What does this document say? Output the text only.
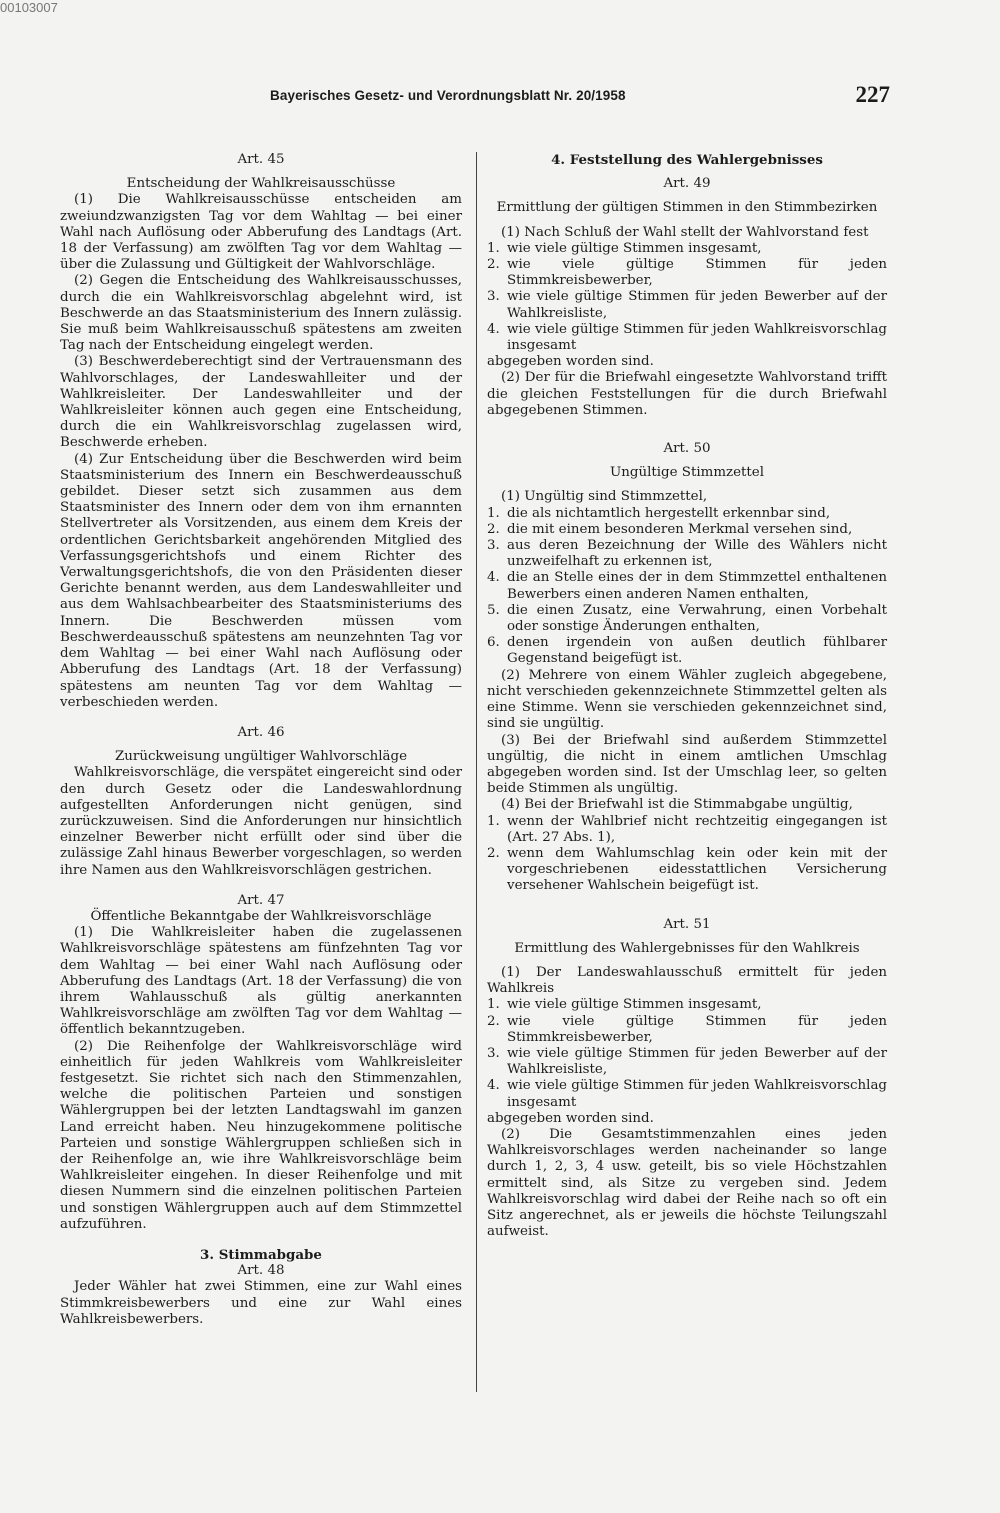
00103007
Bayerisches Gesetz- und Verordnungsblatt Nr. 20/1958	227
Art. 45
Entscheidung der Wahlkreisausschüsse

(1) Die Wahlkreisausschüsse entscheiden am zweiundzwanzigsten Tag vor dem Wahltag — bei einer Wahl nach Auflösung oder Abberufung des Landtags (Art. 18 der Verfassung) am zwölften Tag vor dem Wahltag — über die Zulassung und Gültigkeit der Wahlvorschläge.

(2) Gegen die Entscheidung des Wahlkreisausschusses, durch die ein Wahlkreisvorschlag abgelehnt wird, ist Beschwerde an das Staatsministerium des Innern zulässig. Sie muß beim Wahlkreisausschuß spätestens am zweiten Tag nach der Entscheidung eingelegt werden.

(3) Beschwerdeberechtigt sind der Vertrauensmann des Wahlvorschlages, der Landeswahlleiter und der Wahlkreisleiter. Der Landeswahlleiter und der Wahlkreisleiter können auch gegen eine Entscheidung, durch die ein Wahlkreisvorschlag zugelassen wird, Beschwerde erheben.

(4) Zur Entscheidung über die Beschwerden wird beim Staatsministerium des Innern ein Beschwerdeausschuß gebildet. Dieser setzt sich zusammen aus dem Staatsminister des Innern oder dem von ihm ernannten Stellvertreter als Vorsitzenden, aus einem dem Kreis der ordentlichen Gerichtsbarkeit angehörenden Mitglied des Verfassungsgerichtshofs und einem Richter des Verwaltungsgerichtshofs, die von den Präsidenten dieser Gerichte benannt werden, aus dem Landeswahlleiter und aus dem Wahlsachbearbeiter des Staatsministeriums des Innern. Die Beschwerden müssen vom Beschwerdeausschuß spätestens am neunzehnten Tag vor dem Wahltag — bei einer Wahl nach Auflösung oder Abberufung des Landtags (Art. 18 der Verfassung) spätestens am neunten Tag vor dem Wahltag — verbeschieden werden.

Art. 46
Zurückweisung ungültiger Wahlvorschläge

Wahlkreisvorschläge, die verspätet eingereicht sind oder den durch Gesetz oder die Landeswahlordnung aufgestellten Anforderungen nicht genügen, sind zurückzuweisen. Sind die Anforderungen nur hinsichtlich einzelner Bewerber nicht erfüllt oder sind über die zulässige Zahl hinaus Bewerber vorgeschlagen, so werden ihre Namen aus den Wahlkreisvorschlägen gestrichen.

Art. 47
Öffentliche Bekanntgabe der Wahlkreisvorschläge

(1) Die Wahlkreisleiter haben die zugelassenen Wahlkreisvorschläge spätestens am fünfzehnten Tag vor dem Wahltag — bei einer Wahl nach Auflösung oder Abberufung des Landtags (Art. 18 der Verfassung) die von ihrem Wahlausschuß als gültig anerkannten Wahlkreisvorschläge am zwölften Tag vor dem Wahltag — öffentlich bekanntzugeben.

(2) Die Reihenfolge der Wahlkreisvorschläge wird einheitlich für jeden Wahlkreis vom Wahlkreisleiter festgesetzt. Sie richtet sich nach den Stimmenzahlen, welche die politischen Parteien und sonstigen Wählergruppen bei der letzten Landtagswahl im ganzen Land erreicht haben. Neu hinzugekommene politische Parteien und sonstige Wählergruppen schließen sich in der Reihenfolge an, wie ihre Wahlkreisvorschläge beim Wahlkreisleiter eingehen. In dieser Reihenfolge und mit diesen Nummern sind die einzelnen politischen Parteien und sonstigen Wählergruppen auch auf dem Stimmzettel aufzuführen.

3. Stimmabgabe
Art. 48

Jeder Wähler hat zwei Stimmen, eine zur Wahl eines Stimmkreisbewerbers und eine zur Wahl eines Wahlkreisbewerbers.

4. Feststellung des Wahlergebnisses
Art. 49
Ermittlung der gültigen Stimmen in den Stimmbezirken

(1) Nach Schluß der Wahl stellt der Wahlvorstand fest

1. wie viele gültige Stimmen insgesamt,
2. wie viele gültige Stimmen für jeden Stimmkreisbewerber,
3. wie viele gültige Stimmen für jeden Bewerber auf der Wahlkreisliste,
4. wie viele gültige Stimmen für jeden Wahlkreisvorschlag insgesamt

abgegeben worden sind.

(2) Der für die Briefwahl eingesetzte Wahlvorstand trifft die gleichen Feststellungen für die durch Briefwahl abgegebenen Stimmen.

Art. 50
Ungültige Stimmzettel

(1) Ungültig sind Stimmzettel,

1. die als nichtamtlich hergestellt erkennbar sind,
2. die mit einem besonderen Merkmal versehen sind,
3. aus deren Bezeichnung der Wille des Wählers nicht unzweifelhaft zu erkennen ist,
4. die an Stelle eines der in dem Stimmzettel enthaltenen Bewerbers einen anderen Namen enthalten,
5. die einen Zusatz, eine Verwahrung, einen Vorbehalt oder sonstige Änderungen enthalten,
6. denen irgendein von außen deutlich fühlbarer Gegenstand beigefügt ist.

(2) Mehrere von einem Wähler zugleich abgegebene, nicht verschieden gekennzeichnete Stimmzettel gelten als eine Stimme. Wenn sie verschieden gekennzeichnet sind, sind sie ungültig.

(3) Bei der Briefwahl sind außerdem Stimmzettel ungültig, die nicht in einem amtlichen Umschlag abgegeben worden sind. Ist der Umschlag leer, so gelten beide Stimmen als ungültig.

(4) Bei der Briefwahl ist die Stimmabgabe ungültig,

1. wenn der Wahlbrief nicht rechtzeitig eingegangen ist (Art. 27 Abs. 1),
2. wenn dem Wahlumschlag kein oder kein mit der vorgeschriebenen eidesstattlichen Versicherung versehener Wahlschein beigefügt ist.
Art. 51
Ermittlung des Wahlergebnisses für den Wahlkreis

(1) Der Landeswahlausschuß ermittelt für jeden Wahlkreis

1. wie viele gültige Stimmen insgesamt,
2. wie viele gültige Stimmen für jeden Stimmkreisbewerber,
3. wie viele gültige Stimmen für jeden Bewerber auf der Wahlkreisliste,
4. wie viele gültige Stimmen für jeden Wahlkreisvorschlag insgesamt

abgegeben worden sind.

(2) Die Gesamtstimmenzahlen eines jeden Wahlkreisvorschlages werden nacheinander so lange durch 1, 2, 3, 4 usw. geteilt, bis so viele Höchstzahlen ermittelt sind, als Sitze zu vergeben sind. Jedem Wahlkreisvorschlag wird dabei der Reihe nach so oft ein Sitz angerechnet, als er jeweils die höchste Teilungszahl aufweist.
